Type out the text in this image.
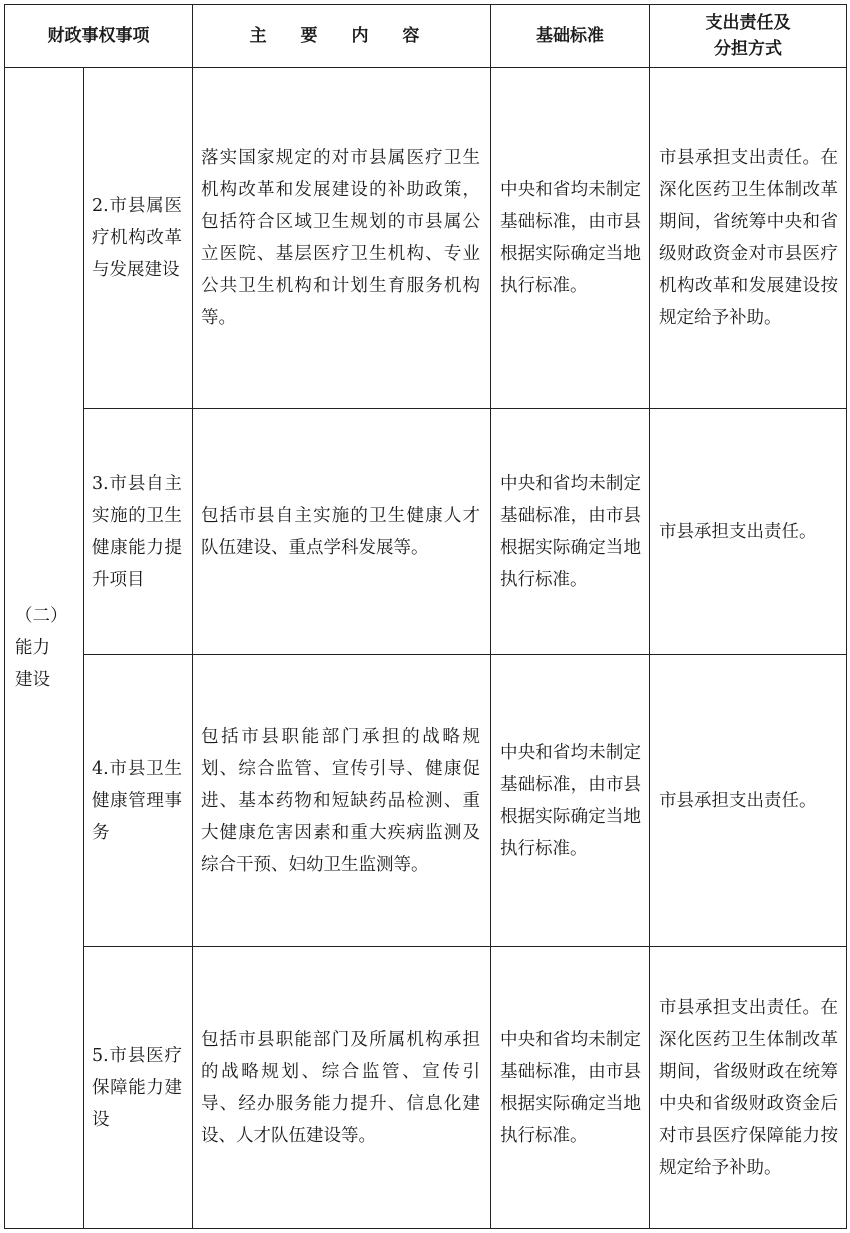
财政事权事项		主 要 内 容	基础标准	支出责任及
分担方式

（二）
能力建设	2.市县属医疗机构改革与发展建设	落实国家规定的对市县属医疗卫生机构改革和发展建设的补助政策，包括符合区域卫生规划的市县属公立医院、基层医疗卫生机构、专业公共卫生机构和计划生育服务机构等。	中央和省均未制定基础标准，由市县根据实际确定当地执行标准。	市县承担支出责任。在深化医药卫生体制改革期间，省统筹中央和省级财政资金对市县医疗机构改革和发展建设按规定给予补助。
	3.市县自主实施的卫生健康能力提升项目	包括市县自主实施的卫生健康人才队伍建设、重点学科发展等。	中央和省均未制定基础标准，由市县根据实际确定当地执行标准。	市县承担支出责任。
	4.市县卫生健康管理事务	包括市县职能部门承担的战略规划、综合监管、宣传引导、健康促进、基本药物和短缺药品检测、重大健康危害因素和重大疾病监测及综合干预、妇幼卫生监测等。	中央和省均未制定基础标准，由市县根据实际确定当地执行标准。	市县承担支出责任。
	5.市县医疗保障能力建设	包括市县职能部门及所属机构承担的战略规划、综合监管、宣传引导、经办服务能力提升、信息化建设、人才队伍建设等。	中央和省均未制定基础标准，由市县根据实际确定当地执行标准。	市县承担支出责任。在深化医药卫生体制改革期间，省级财政在统筹中央和省级财政资金后对市县医疗保障能力按规定给予补助。
